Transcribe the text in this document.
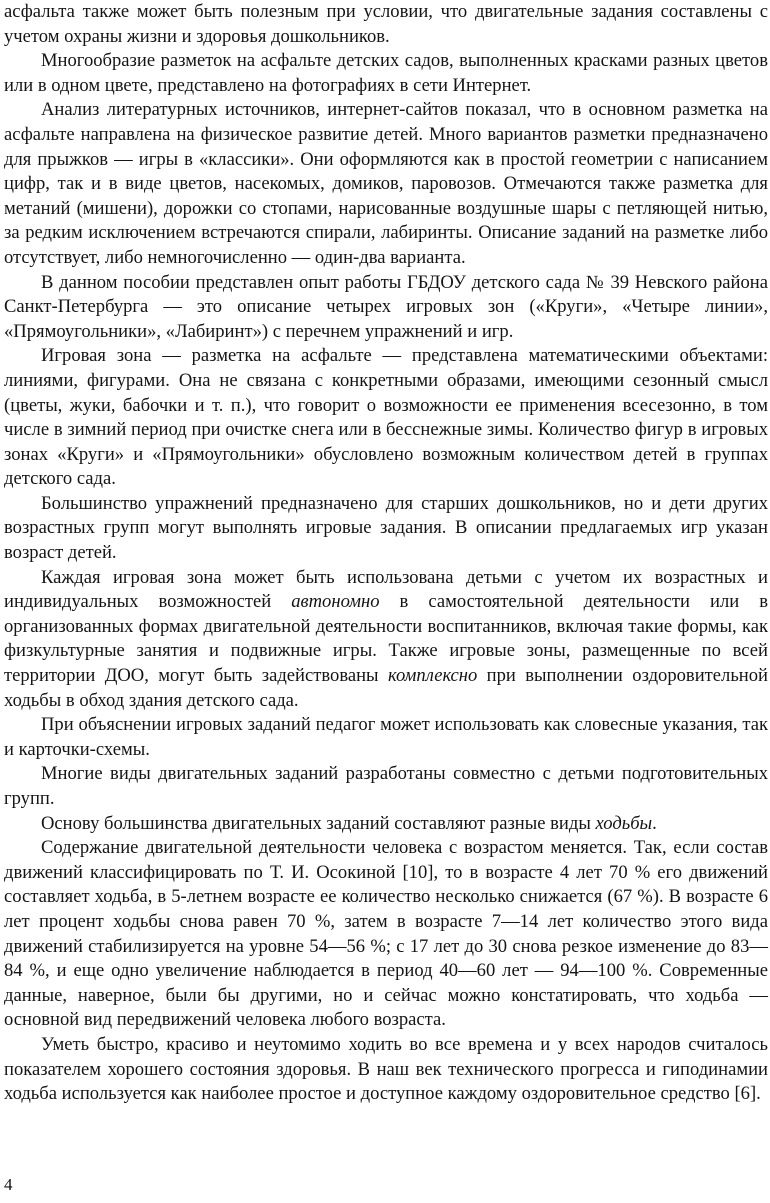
асфальта также может быть полезным при условии, что двигательные задания составлены с учетом охраны жизни и здоровья дошкольников.

Многообразие разметок на асфальте детских садов, выполненных красками разных цветов или в одном цвете, представлено на фотографиях в сети Интернет.

Анализ литературных источников, интернет-сайтов показал, что в основном разметка на асфальте направлена на физическое развитие детей. Много вариантов разметки предназначено для прыжков — игры в «классики». Они оформляются как в простой геометрии с написанием цифр, так и в виде цветов, насекомых, домиков, паровозов. Отмечаются также разметка для метаний (мишени), дорожки со стопами, нарисованные воздушные шары с петляющей нитью, за редким исключением встречаются спирали, лабиринты. Описание заданий на разметке либо отсутствует, либо немногочисленно — один-два варианта.

В данном пособии представлен опыт работы ГБДОУ детского сада № 39 Невского района Санкт-Петербурга — это описание четырех игровых зон («Круги», «Четыре линии», «Прямоугольники», «Лабиринт») с перечнем упражнений и игр.

Игровая зона — разметка на асфальте — представлена математическими объектами: линиями, фигурами. Она не связана с конкретными образами, имеющими сезонный смысл (цветы, жуки, бабочки и т. п.), что говорит о возможности ее применения всесезонно, в том числе в зимний период при очистке снега или в бесснежные зимы. Количество фигур в игровых зонах «Круги» и «Прямоугольники» обусловлено возможным количеством детей в группах детского сада.

Большинство упражнений предназначено для старших дошкольников, но и дети других возрастных групп могут выполнять игровые задания. В описании предлагаемых игр указан возраст детей.

Каждая игровая зона может быть использована детьми с учетом их возрастных и индивидуальных возможностей автономно в самостоятельной деятельности или в организованных формах двигательной деятельности воспитанников, включая такие формы, как физкультурные занятия и подвижные игры. Также игровые зоны, размещенные по всей территории ДОО, могут быть задействованы комплексно при выполнении оздоровительной ходьбы в обход здания детского сада.

При объяснении игровых заданий педагог может использовать как словесные указания, так и карточки-схемы.

Многие виды двигательных заданий разработаны совместно с детьми подготовительных групп.

Основу большинства двигательных заданий составляют разные виды ходьбы.

Содержание двигательной деятельности человека с возрастом меняется. Так, если состав движений классифицировать по Т. И. Осокиной [10], то в возрасте 4 лет 70 % его движений составляет ходьба, в 5-летнем возрасте ее количество несколько снижается (67 %). В возрасте 6 лет процент ходьбы снова равен 70 %, затем в возрасте 7—14 лет количество этого вида движений стабилизируется на уровне 54—56 %; с 17 лет до 30 снова резкое изменение до 83—84 %, и еще одно увеличение наблюдается в период 40—60 лет — 94—100 %. Современные данные, наверное, были бы другими, но и сейчас можно констатировать, что ходьба — основной вид передвижений человека любого возраста.

Уметь быстро, красиво и неутомимо ходить во все времена и у всех народов считалось показателем хорошего состояния здоровья. В наш век технического прогресса и гиподинамии ходьба используется как наиболее простое и доступное каждому оздоровительное средство [6].

4
